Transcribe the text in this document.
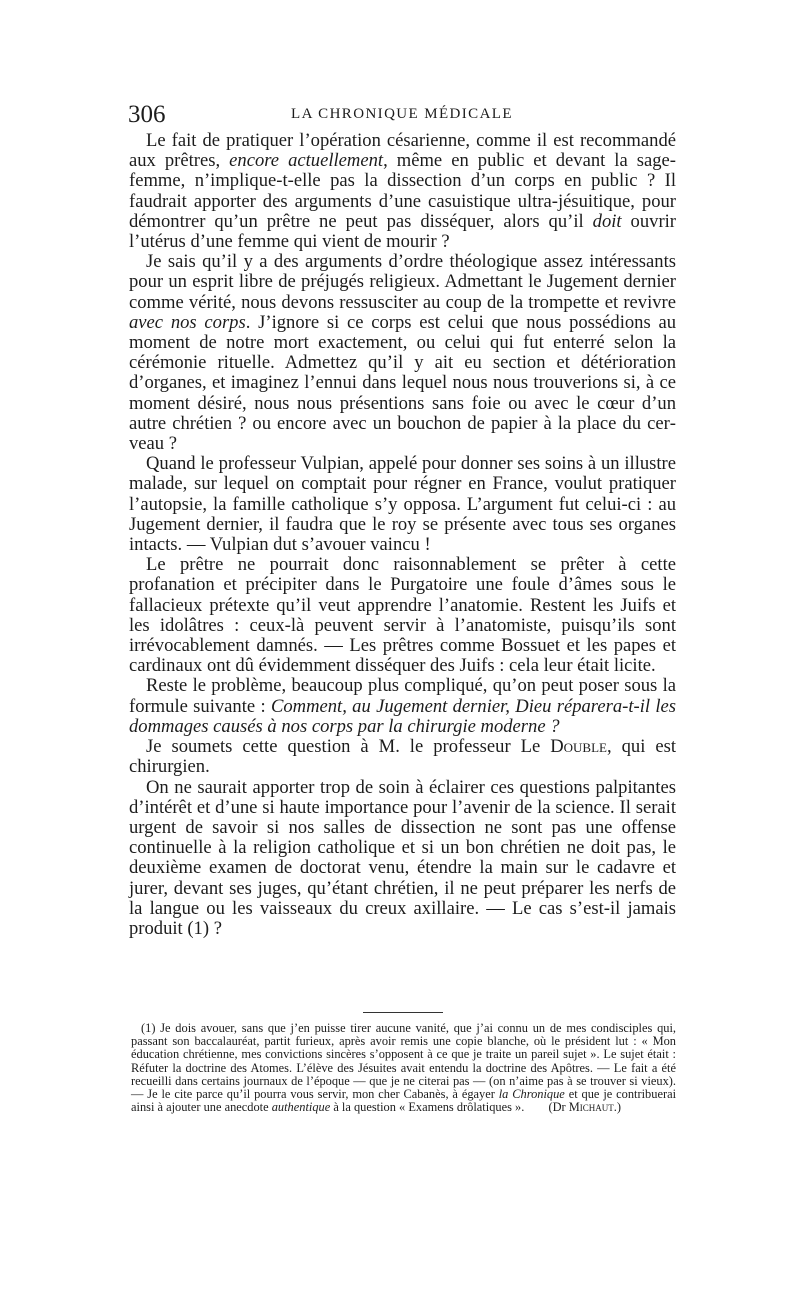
306	LA CHRONIQUE MÉDICALE

Le fait de pratiquer l’opération césarienne, comme il est recommandé aux prêtres, encore actuellement, même en public et devant la sage-femme, n’implique-t-elle pas la dissection d’un corps en public ? Il faudrait apporter des arguments d’une casuistique ultra-jésuitique, pour démontrer qu’un prêtre ne peut pas disséquer, alors qu’il doit ouvrir l’utérus d’une femme qui vient de mourir ?

Je sais qu’il y a des arguments d’ordre théologique assez intéressants pour un esprit libre de préjugés religieux. Admettant le Jugement dernier comme vérité, nous devons ressusciter au coup de la trompette et revivre avec nos corps. J’ignore si ce corps est celui que nous possédions au moment de notre mort exactement, ou celui qui fut enterré selon la cérémonie rituelle. Admettez qu’il y ait eu section et détérioration d’organes, et imaginez l’ennui dans lequel nous nous trouverions si, à ce moment désiré, nous nous présentions sans foie ou avec le cœur d’un autre chrétien ? ou encore avec un bouchon de papier à la place du cerveau ?

Quand le professeur Vulpian, appelé pour donner ses soins à un illustre malade, sur lequel on comptait pour régner en France, voulut pratiquer l’autopsie, la famille catholique s’y opposa. L’argument fut celui-ci : au Jugement dernier, il faudra que le roy se présente avec tous ses organes intacts. — Vulpian dut s’avouer vaincu !

Le prêtre ne pourrait donc raisonnablement se prêter à cette profanation et précipiter dans le Purgatoire une foule d’âmes sous le fallacieux prétexte qu’il veut apprendre l’anatomie. Restent les Juifs et les idolâtres : ceux-là peuvent servir à l’anatomiste, puisqu’ils sont irrévocablement damnés. — Les prêtres comme Bossuet et les papes et cardinaux ont dû évidemment disséquer des Juifs : cela leur était licite.

Reste le problème, beaucoup plus compliqué, qu’on peut poser sous la formule suivante : Comment, au Jugement dernier, Dieu réparera-t-il les dommages causés à nos corps par la chirurgie moderne ?

Je soumets cette question à M. le professeur Le Double, qui est chirurgien.

On ne saurait apporter trop de soin à éclairer ces questions palpitantes d’intérêt et d’une si haute importance pour l’avenir de la science. Il serait urgent de savoir si nos salles de dissection ne sont pas une offense continuelle à la religion catholique et si un bon chrétien ne doit pas, le deuxième examen de doctorat venu, étendre la main sur le cadavre et jurer, devant ses juges, qu’étant chrétien, il ne peut préparer les nerfs de la langue ou les vaisseaux du creux axillaire. — Le cas s’est-il jamais produit (1) ?

(1) Je dois avouer, sans que j’en puisse tirer aucune vanité, que j’ai connu un de mes condisciples qui, passant son baccalauréat, partit furieux, après avoir remis une copie blanche, où le président lut : « Mon éducation chrétienne, mes convictions sincères s’opposent à ce que je traite un pareil sujet ». Le sujet était : Réfuter la doctrine des Atomes. L’élève des Jésuites avait entendu la doctrine des Apôtres. — Le fait a été recueilli dans certains journaux de l’époque — que je ne citerai pas — (on n’aime pas à se trouver si vieux). — Je le cite parce qu’il pourra vous servir, mon cher Cabanès, à égayer la Chronique et que je contribuerai ainsi à ajouter une anecdote authentique à la question « Examens drôlatiques ».	(Dr Michaut.)
